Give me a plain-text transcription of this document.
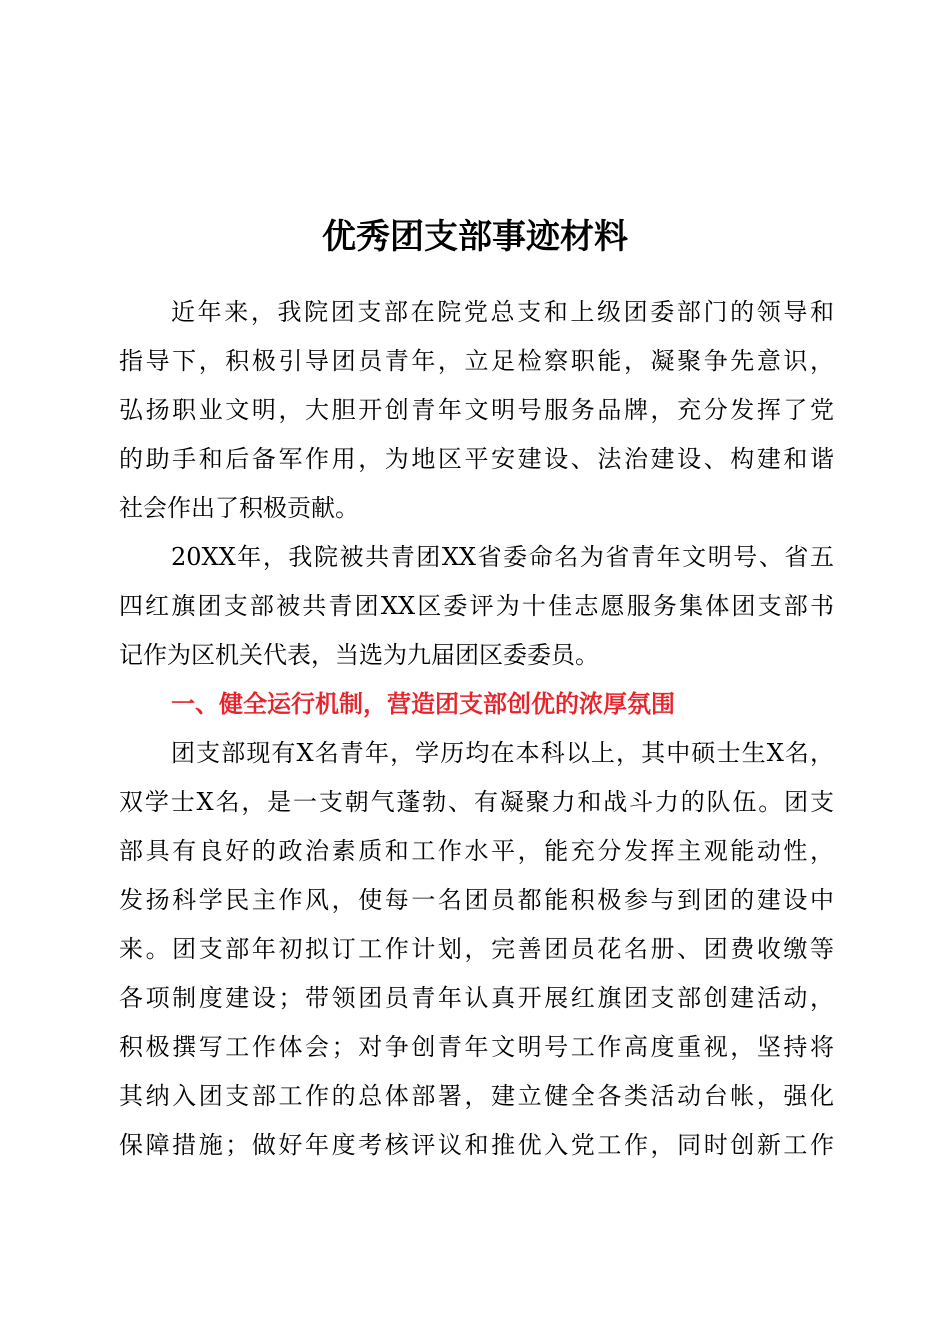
优秀团支部事迹材料
近年来，我院团支部在院党总支和上级团委部门的领导和
指导下，积极引导团员青年，立足检察职能，凝聚争先意识，
弘扬职业文明，大胆开创青年文明号服务品牌，充分发挥了党
的助手和后备军作用，为地区平安建设、法治建设、构建和谐
社会作出了积极贡献。
20XX年，我院被共青团XX省委命名为省青年文明号、省五
四红旗团支部被共青团XX区委评为十佳志愿服务集体团支部书
记作为区机关代表，当选为九届团区委委员。
一、健全运行机制，营造团支部创优的浓厚氛围
团支部现有X名青年，学历均在本科以上，其中硕士生X名，
双学士X名，是一支朝气蓬勃、有凝聚力和战斗力的队伍。团支
部具有良好的政治素质和工作水平，能充分发挥主观能动性，
发扬科学民主作风，使每一名团员都能积极参与到团的建设中
来。团支部年初拟订工作计划，完善团员花名册、团费收缴等
各项制度建设；带领团员青年认真开展红旗团支部创建活动，
积极撰写工作体会；对争创青年文明号工作高度重视，坚持将
其纳入团支部工作的总体部署，建立健全各类活动台帐，强化
保障措施；做好年度考核评议和推优入党工作，同时创新工作
